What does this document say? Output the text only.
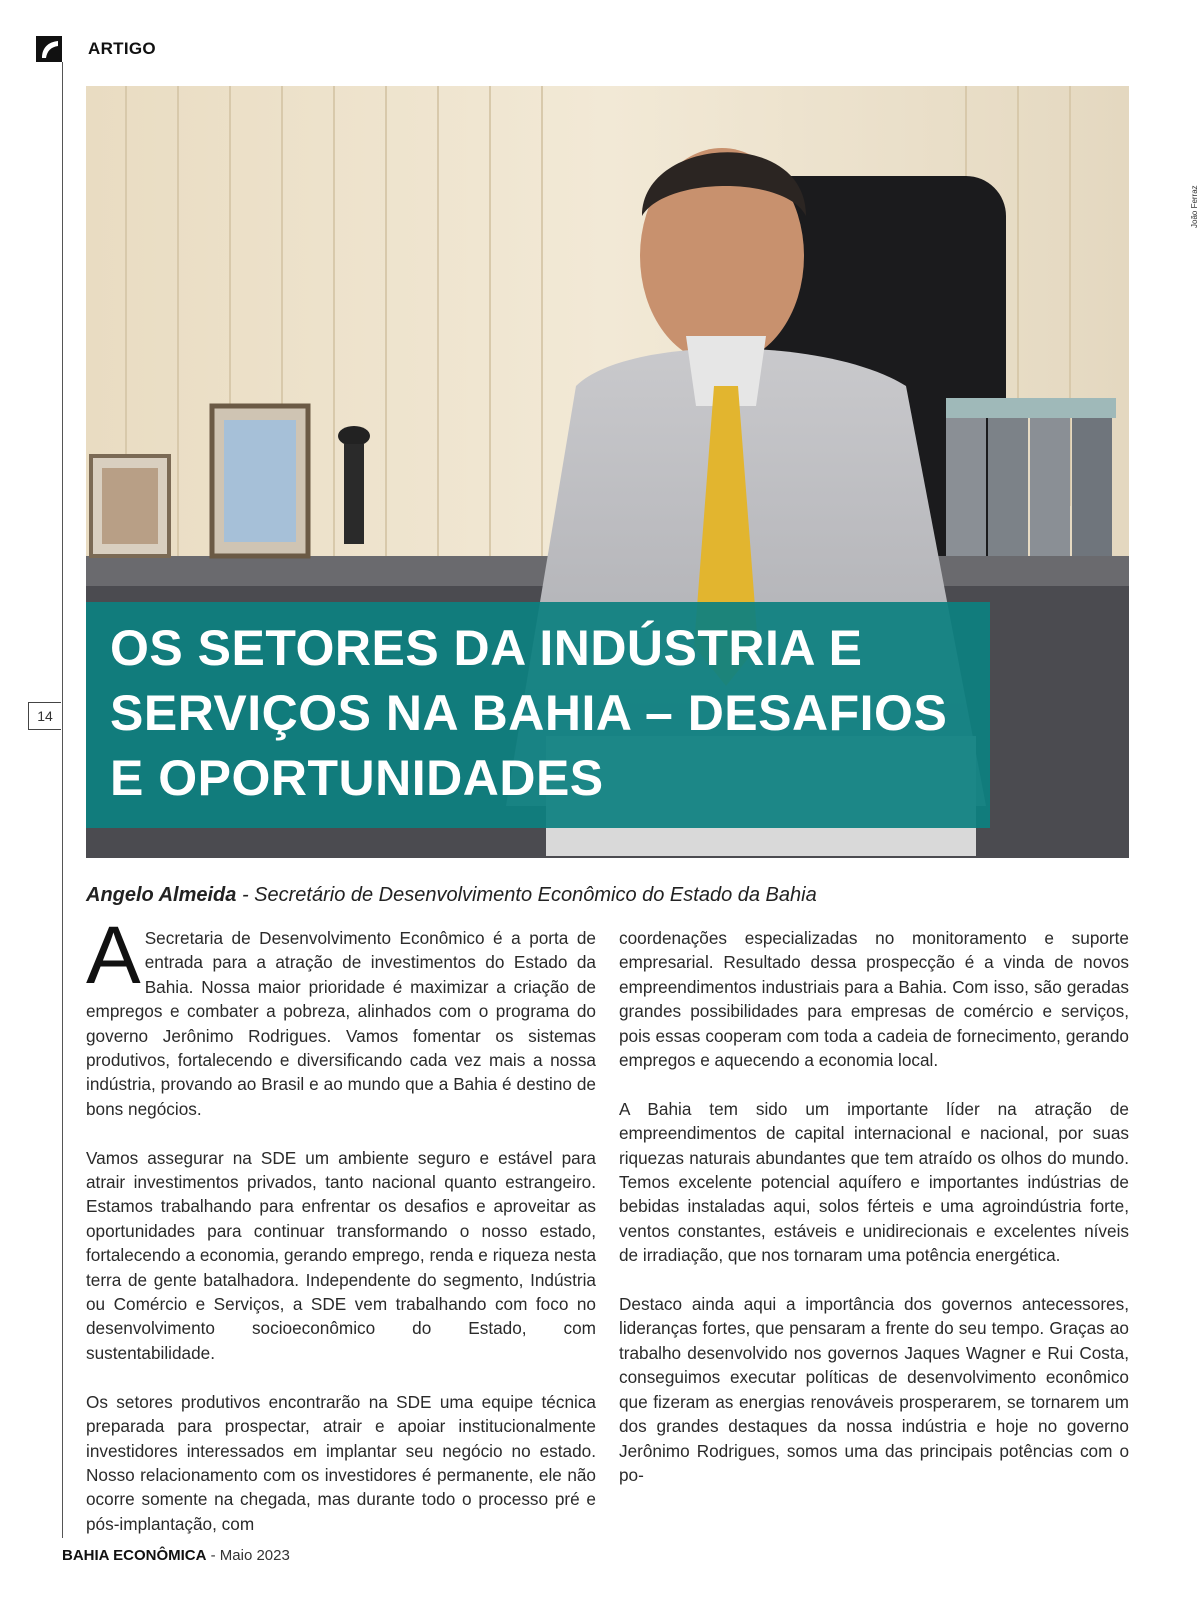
ARTIGO
14
João Ferraz
OS SETORES DA INDÚSTRIA E SERVIÇOS NA BAHIA – DESAFIOS E OPORTUNIDADES
Angelo Almeida - Secretário de Desenvolvimento Econômico do Estado da Bahia

A Secretaria de Desenvolvimento Econômico é a porta de entrada para a atração de investimentos do Estado da Bahia. Nossa maior prioridade é maximizar a criação de empregos e combater a pobreza, alinhados com o programa do governo Jerônimo Rodrigues. Vamos fomentar os sistemas produtivos, fortalecendo e diversificando cada vez mais a nossa indústria, provando ao Brasil e ao mundo que a Bahia é destino de bons negócios.

Vamos assegurar na SDE um ambiente seguro e estável para atrair investimentos privados, tanto nacional quanto estrangeiro. Estamos trabalhando para enfrentar os desafios e aproveitar as oportunidades para continuar transformando o nosso estado, fortalecendo a economia, gerando emprego, renda e riqueza nesta terra de gente batalhadora. Independente do segmento, Indústria ou Comércio e Serviços, a SDE vem trabalhando com foco no desenvolvimento socioeconômico do Estado, com sustentabilidade.

Os setores produtivos encontrarão na SDE uma equipe técnica preparada para prospectar, atrair e apoiar institucionalmente investidores interessados em implantar seu negócio no estado. Nosso relacionamento com os investidores é permanente, ele não ocorre somente na chegada, mas durante todo o processo pré e pós-implantação, com

coordenações especializadas no monitoramento e suporte empresarial. Resultado dessa prospecção é a vinda de novos empreendimentos industriais para a Bahia. Com isso, são geradas grandes possibilidades para empresas de comércio e serviços, pois essas cooperam com toda a cadeia de fornecimento, gerando empregos e aquecendo a economia local.

A Bahia tem sido um importante líder na atração de empreendimentos de capital internacional e nacional, por suas riquezas naturais abundantes que tem atraído os olhos do mundo. Temos excelente potencial aquífero e importantes indústrias de bebidas instaladas aqui, solos férteis e uma agroindústria forte, ventos constantes, estáveis e unidirecionais e excelentes níveis de irradiação, que nos tornaram uma potência energética.

Destaco ainda aqui a importância dos governos antecessores, lideranças fortes, que pensaram a frente do seu tempo. Graças ao trabalho desenvolvido nos governos Jaques Wagner e Rui Costa, conseguimos executar políticas de desenvolvimento econômico que fizeram as energias renováveis prosperarem, se tornarem um dos grandes destaques da nossa indústria e hoje no governo Jerônimo Rodrigues, somos uma das principais potências com o po-

BAHIA ECONÔMICA - Maio 2023
